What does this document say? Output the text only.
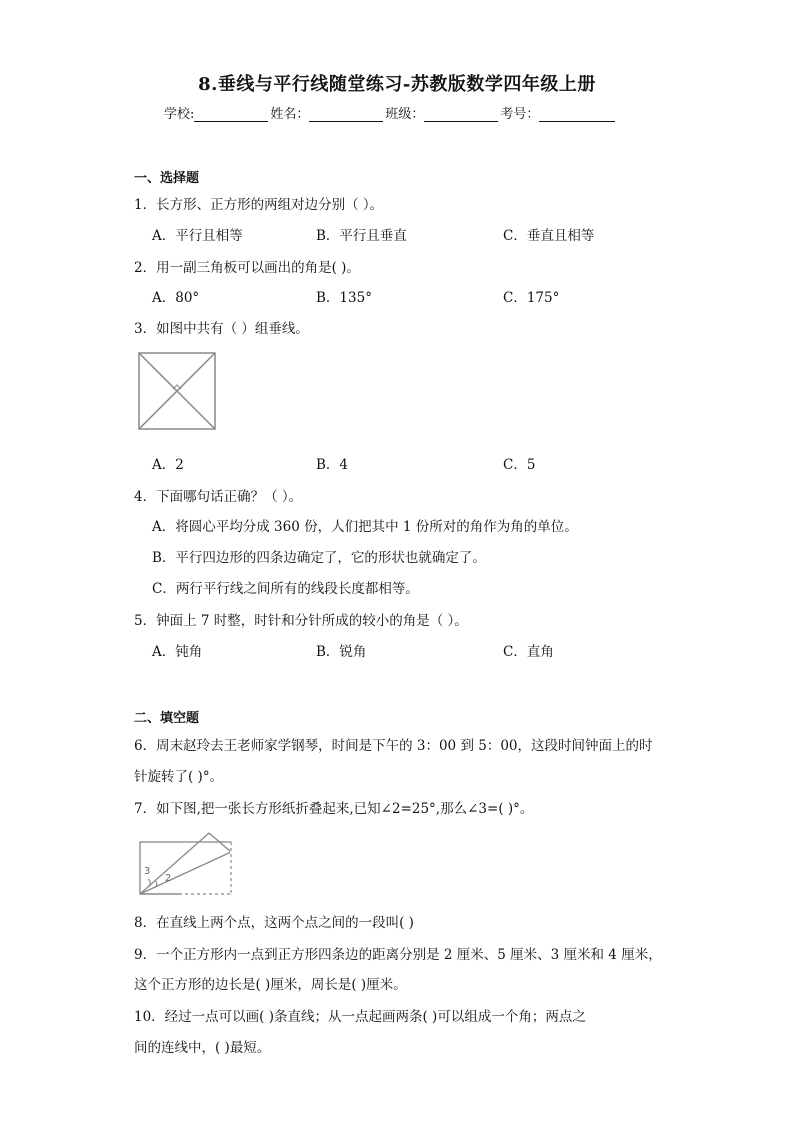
8.垂线与平行线随堂练习-苏教版数学四年级上册
学校:	姓名：	班级：	考号：
一、选择题
1．长方形、正方形的两组对边分别（ ）。
A．平行且相等	B．平行且垂直	C．垂直且相等
2．用一副三角板可以画出的角是( )。
A．80°	B．135°	C．175°
3．如图中共有（ ）组垂线。
A．2	B．4	C．5
4．下面哪句话正确？（ ）。
A．将圆心平均分成 360 份，人们把其中 1 份所对的角作为角的单位。
B．平行四边形的四条边确定了，它的形状也就确定了。
C．两行平行线之间所有的线段长度都相等。
5．钟面上 7 时整，时针和分针所成的较小的角是（ ）。
A．钝角	B．锐角	C．直角
二、填空题
6．周末赵玲去王老师家学钢琴，时间是下午的 3：00 到 5：00，这段时间钟面上的时
针旋转了( )°。
7．如下图,把一张长方形纸折叠起来,已知∠2=25°,那么∠3=( )°。
3
2
8．在直线上两个点，这两个点之间的一段叫( )
9．一个正方形内一点到正方形四条边的距离分别是 2 厘米、5 厘米、3 厘米和 4 厘米，
这个正方形的边长是( )厘米，周长是( )厘米。
10．经过一点可以画( )条直线；从一点起画两条( )可以组成一个角；两点之
间的连线中，( )最短。
